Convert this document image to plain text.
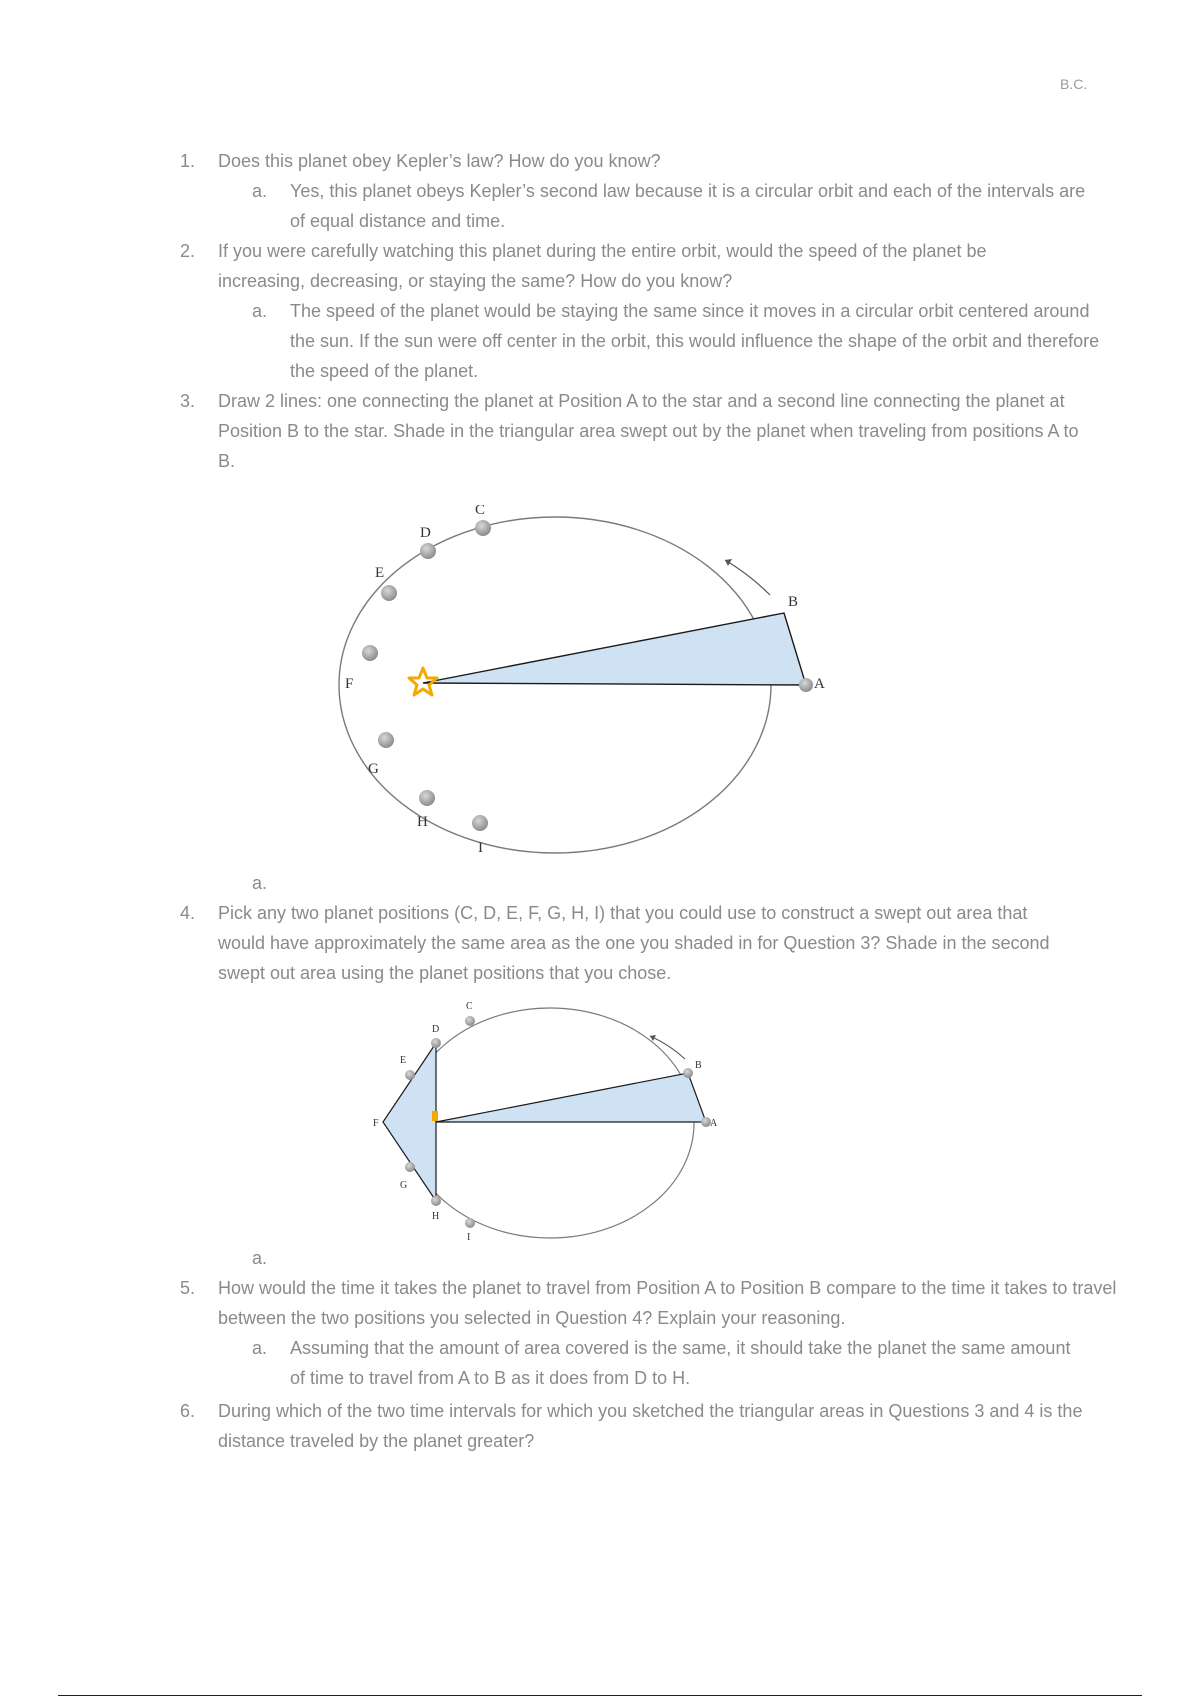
B.C.
1.	Does this planet obey Kepler’s law? How do you know?
a. Yes, this planet obeys Kepler’s second law because it is a circular orbit and each of the intervals are of equal distance and time.
2.	If you were carefully watching this planet during the entire orbit, would the speed of the planet be increasing, decreasing, or staying the same? How do you know?
a. The speed of the planet would be staying the same since it moves in a circular orbit centered around the sun. If the sun were off center in the orbit, this would influence the shape of the orbit and therefore the speed of the planet.
3.	Draw 2 lines: one connecting the planet at Position A to the star and a second line connecting the planet at Position B to the star. Shade in the triangular area swept out by the planet when traveling from positions A to B.
A
B
C
D
E
F
G
H
I
a.
4.	Pick any two planet positions (C, D, E, F, G, H, I) that you could use to construct a swept out area that would have approximately the same area as the one you shaded in for Question 3? Shade in the second swept out area using the planet positions that you chose.
A
B
C
D
E
F
G
H
I
a.
5.	How would the time it takes the planet to travel from Position A to Position B compare to the time it takes to travel between the two positions you selected in Question 4? Explain your reasoning.
a. Assuming that the amount of area covered is the same, it should take the planet the same amount of time to travel from A to B as it does from D to H.
6.	During which of the two time intervals for which you sketched the triangular areas in Questions 3 and 4 is the distance traveled by the planet greater?
